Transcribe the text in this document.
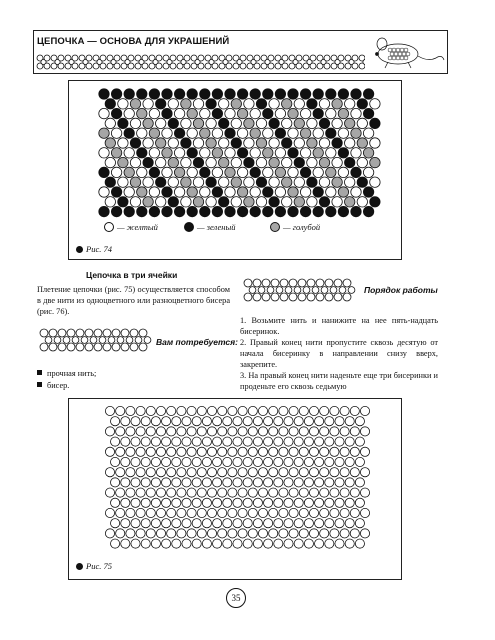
ЦЕПОЧКА — ОСНОВА ДЛЯ УКРАШЕНИЙ
— желтый	— зеленый	— голубой
Рис. 74
Цепочка в три ячейки
Плетение цепочки (рис. 75) осуществляется способом в две нити из одноцветного или разноцветного бисера (рис. 76).
Вам потребуется:
прочная нить;
бисер.
Порядок работы
1. Возьмите нить и нанижите на нее пять-надцать бисеринок.
2. Правый конец нити пропустите сквозь десятую от начала бисеринку в направлении снизу вверх, закрепите.
3. На правый конец нити наденьте еще три бисеринки и проденьте его сквозь седьмую
Рис. 75
35
